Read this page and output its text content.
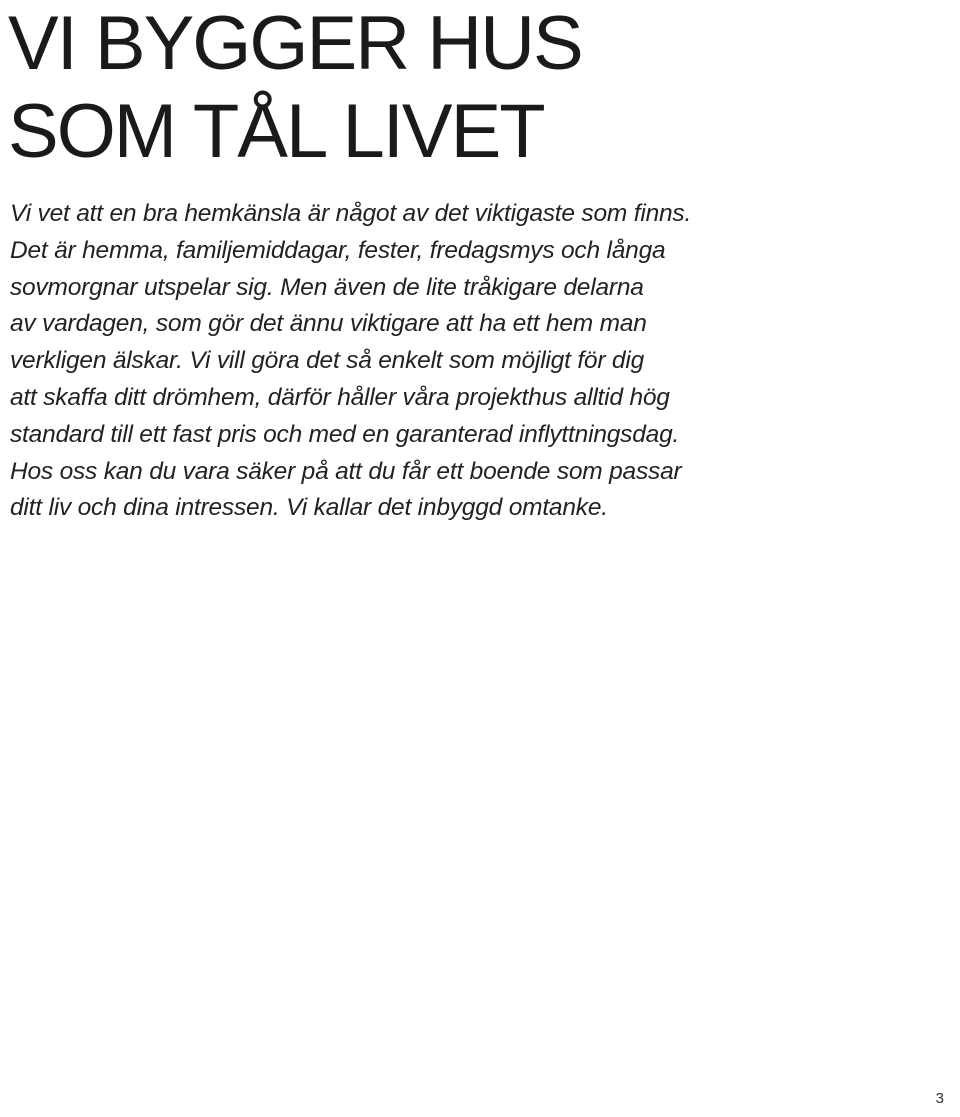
VI BYGGER HUS
SOM TÅL LIVET

Vi vet att en bra hemkänsla är något av det viktigaste som finns.
Det är hemma, familjemiddagar, fester, fredagsmys och långa
sovmorgnar utspelar sig. Men även de lite tråkigare delarna
av vardagen, som gör det ännu viktigare att ha ett hem man
verkligen älskar. Vi vill göra det så enkelt som möjligt för dig
att skaffa ditt drömhem, därför håller våra projekthus alltid hög
standard till ett fast pris och med en garanterad inflyttningsdag.
Hos oss kan du vara säker på att du får ett boende som passar
ditt liv och dina intressen. Vi kallar det inbyggd omtanke.

3
